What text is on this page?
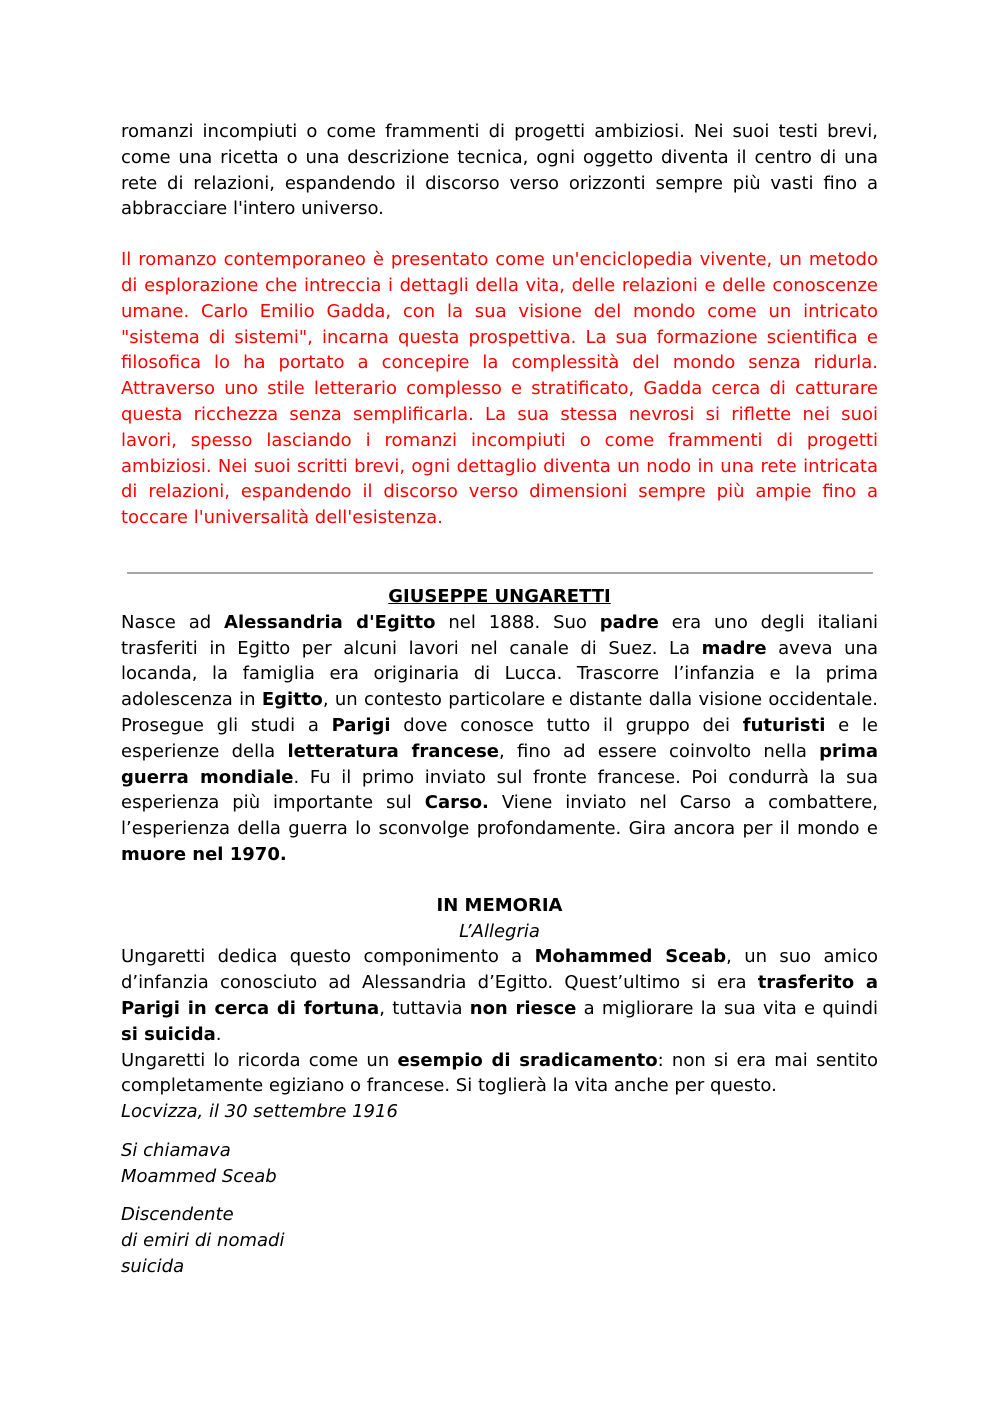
romanzi incompiuti o come frammenti di progetti ambiziosi. Nei suoi testi brevi, come una ricetta o una descrizione tecnica, ogni oggetto diventa il centro di una rete di relazioni, espandendo il discorso verso orizzonti sempre più vasti fino a abbracciare l'intero universo.

Il romanzo contemporaneo è presentato come un'enciclopedia vivente, un metodo di esplorazione che intreccia i dettagli della vita, delle relazioni e delle conoscenze umane. Carlo Emilio Gadda, con la sua visione del mondo come un intricato "sistema di sistemi", incarna questa prospettiva. La sua formazione scientifica e filosofica lo ha portato a concepire la complessità del mondo senza ridurla. Attraverso uno stile letterario complesso e stratificato, Gadda cerca di catturare questa ricchezza senza semplificarla. La sua stessa nevrosi si riflette nei suoi lavori, spesso lasciando i romanzi incompiuti o come frammenti di progetti ambiziosi. Nei suoi scritti brevi, ogni dettaglio diventa un nodo in una rete intricata di relazioni, espandendo il discorso verso dimensioni sempre più ampie fino a toccare l'universalità dell'esistenza.

GIUSEPPE UNGARETTI

Nasce ad Alessandria d'Egitto nel 1888. Suo padre era uno degli italiani trasferiti in Egitto per alcuni lavori nel canale di Suez. La madre aveva una locanda, la famiglia era originaria di Lucca. Trascorre l’infanzia e la prima adolescenza in Egitto, un contesto particolare e distante dalla visione occidentale. Prosegue gli studi a Parigi dove conosce tutto il gruppo dei futuristi e le esperienze della letteratura francese, fino ad essere coinvolto nella prima guerra mondiale. Fu il primo inviato sul fronte francese. Poi condurrà la sua esperienza più importante sul Carso. Viene inviato nel Carso a combattere, l’esperienza della guerra lo sconvolge profondamente. Gira ancora per il mondo e muore nel 1970.

IN MEMORIA

L’Allegria

Ungaretti dedica questo componimento a Mohammed Sceab, un suo amico d’infanzia conosciuto ad Alessandria d’Egitto. Quest’ultimo si era trasferito a Parigi in cerca di fortuna, tuttavia non riesce a migliorare la sua vita e quindi si suicida.

Ungaretti lo ricorda come un esempio di sradicamento: non si era mai sentito completamente egiziano o francese. Si toglierà la vita anche per questo.

Locvizza, il 30 settembre 1916

Si chiamava
Moammed Sceab
Discendente
di emiri di nomadi
suicida
